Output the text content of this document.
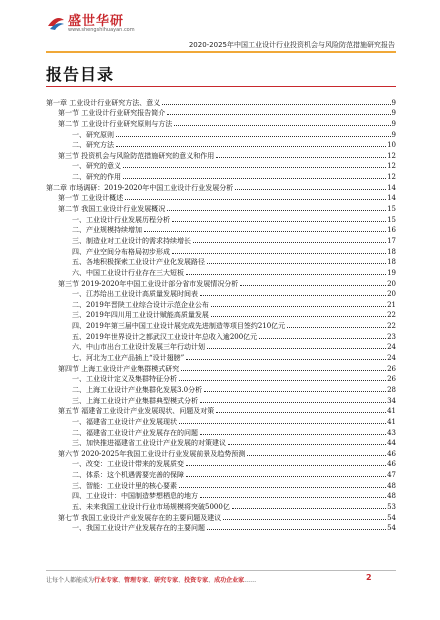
盛世华研
www.shengshihuayan.com
2020-2025年中国工业设计行业投资机会与风险防范措施研究报告
报告目录
第一章 工业设计行业研究方法、意义	9
第一节 工业设计行业研究报告简介	9
第二节 工业设计行业研究原则与方法	9
一、研究原则	9
二、研究方法	10
第三节 投资机会与风险防范措施研究的意义和作用	12
一、研究的意义	12
二、研究的作用	12
第二章 市场调研：2019-2020年中国工业设计行业发展分析	14
第一节 工业设计概述	14
第二节 我国工业设计行业发展概况	15
一、工业设计行业发展历程分析	15
二、产业规模持续增加	16
三、制造业对工业设计的需求持续增长	17
四、产业空间分布格局初步形成	18
五、各地积极探索工业设计产业化发展路径	18
六、中国工业设计行业存在三大短板	19
第三节 2019-2020年中国工业设计部分省市发展情况分析	20
一、江苏给出工业设计高质量发展时间表	20
二、2019年晋陕工业综合设计示范企业公布	21
三、2019年四川用工业设计赋能高质量发展	22
四、2019年第三届中国工业设计展完成先进制造等项目签约210亿元	22
五、2019年世界设计之都武汉工业设计年总收入逾200亿元	23
六、中山市出台工业设计发展三年行动计划	24
七、河北为工业产品插上“设计翅膀”	24
第四节 上海工业设计产业集群模式研究	26
一、工业设计定义及集群特征分析	26
二、上海工业设计产业集群化发展3.0分析	28
三、上海工业设计产业集群典型模式分析	34
第五节 福建省工业设计产业发展现状、问题及对策	41
一、福建省工业设计产业发展现状	41
二、福建省工业设计产业发展存在的问题	43
三、加快推进福建省工业设计产业发展的对策建议	44
第六节 2020-2025年我国工业设计行业发展前景及趋势预测	46
一、改变：工业设计带来的发展质变	46
二、体系：这个机遇需要完善的保障	47
三、智能：工业设计里的核心要素	48
四、工业设计：中国制造梦想栖息的地方	48
五、未来我国工业设计行业市场规模将突破5000亿	53
第七节 我国工业设计产业发展存在的主要问题及建议	54
一、我国工业设计产业发展存在的主要问题	54
让每个人都能成为行业专家、管理专家、研究专家、投资专家、成功企业家……	2
